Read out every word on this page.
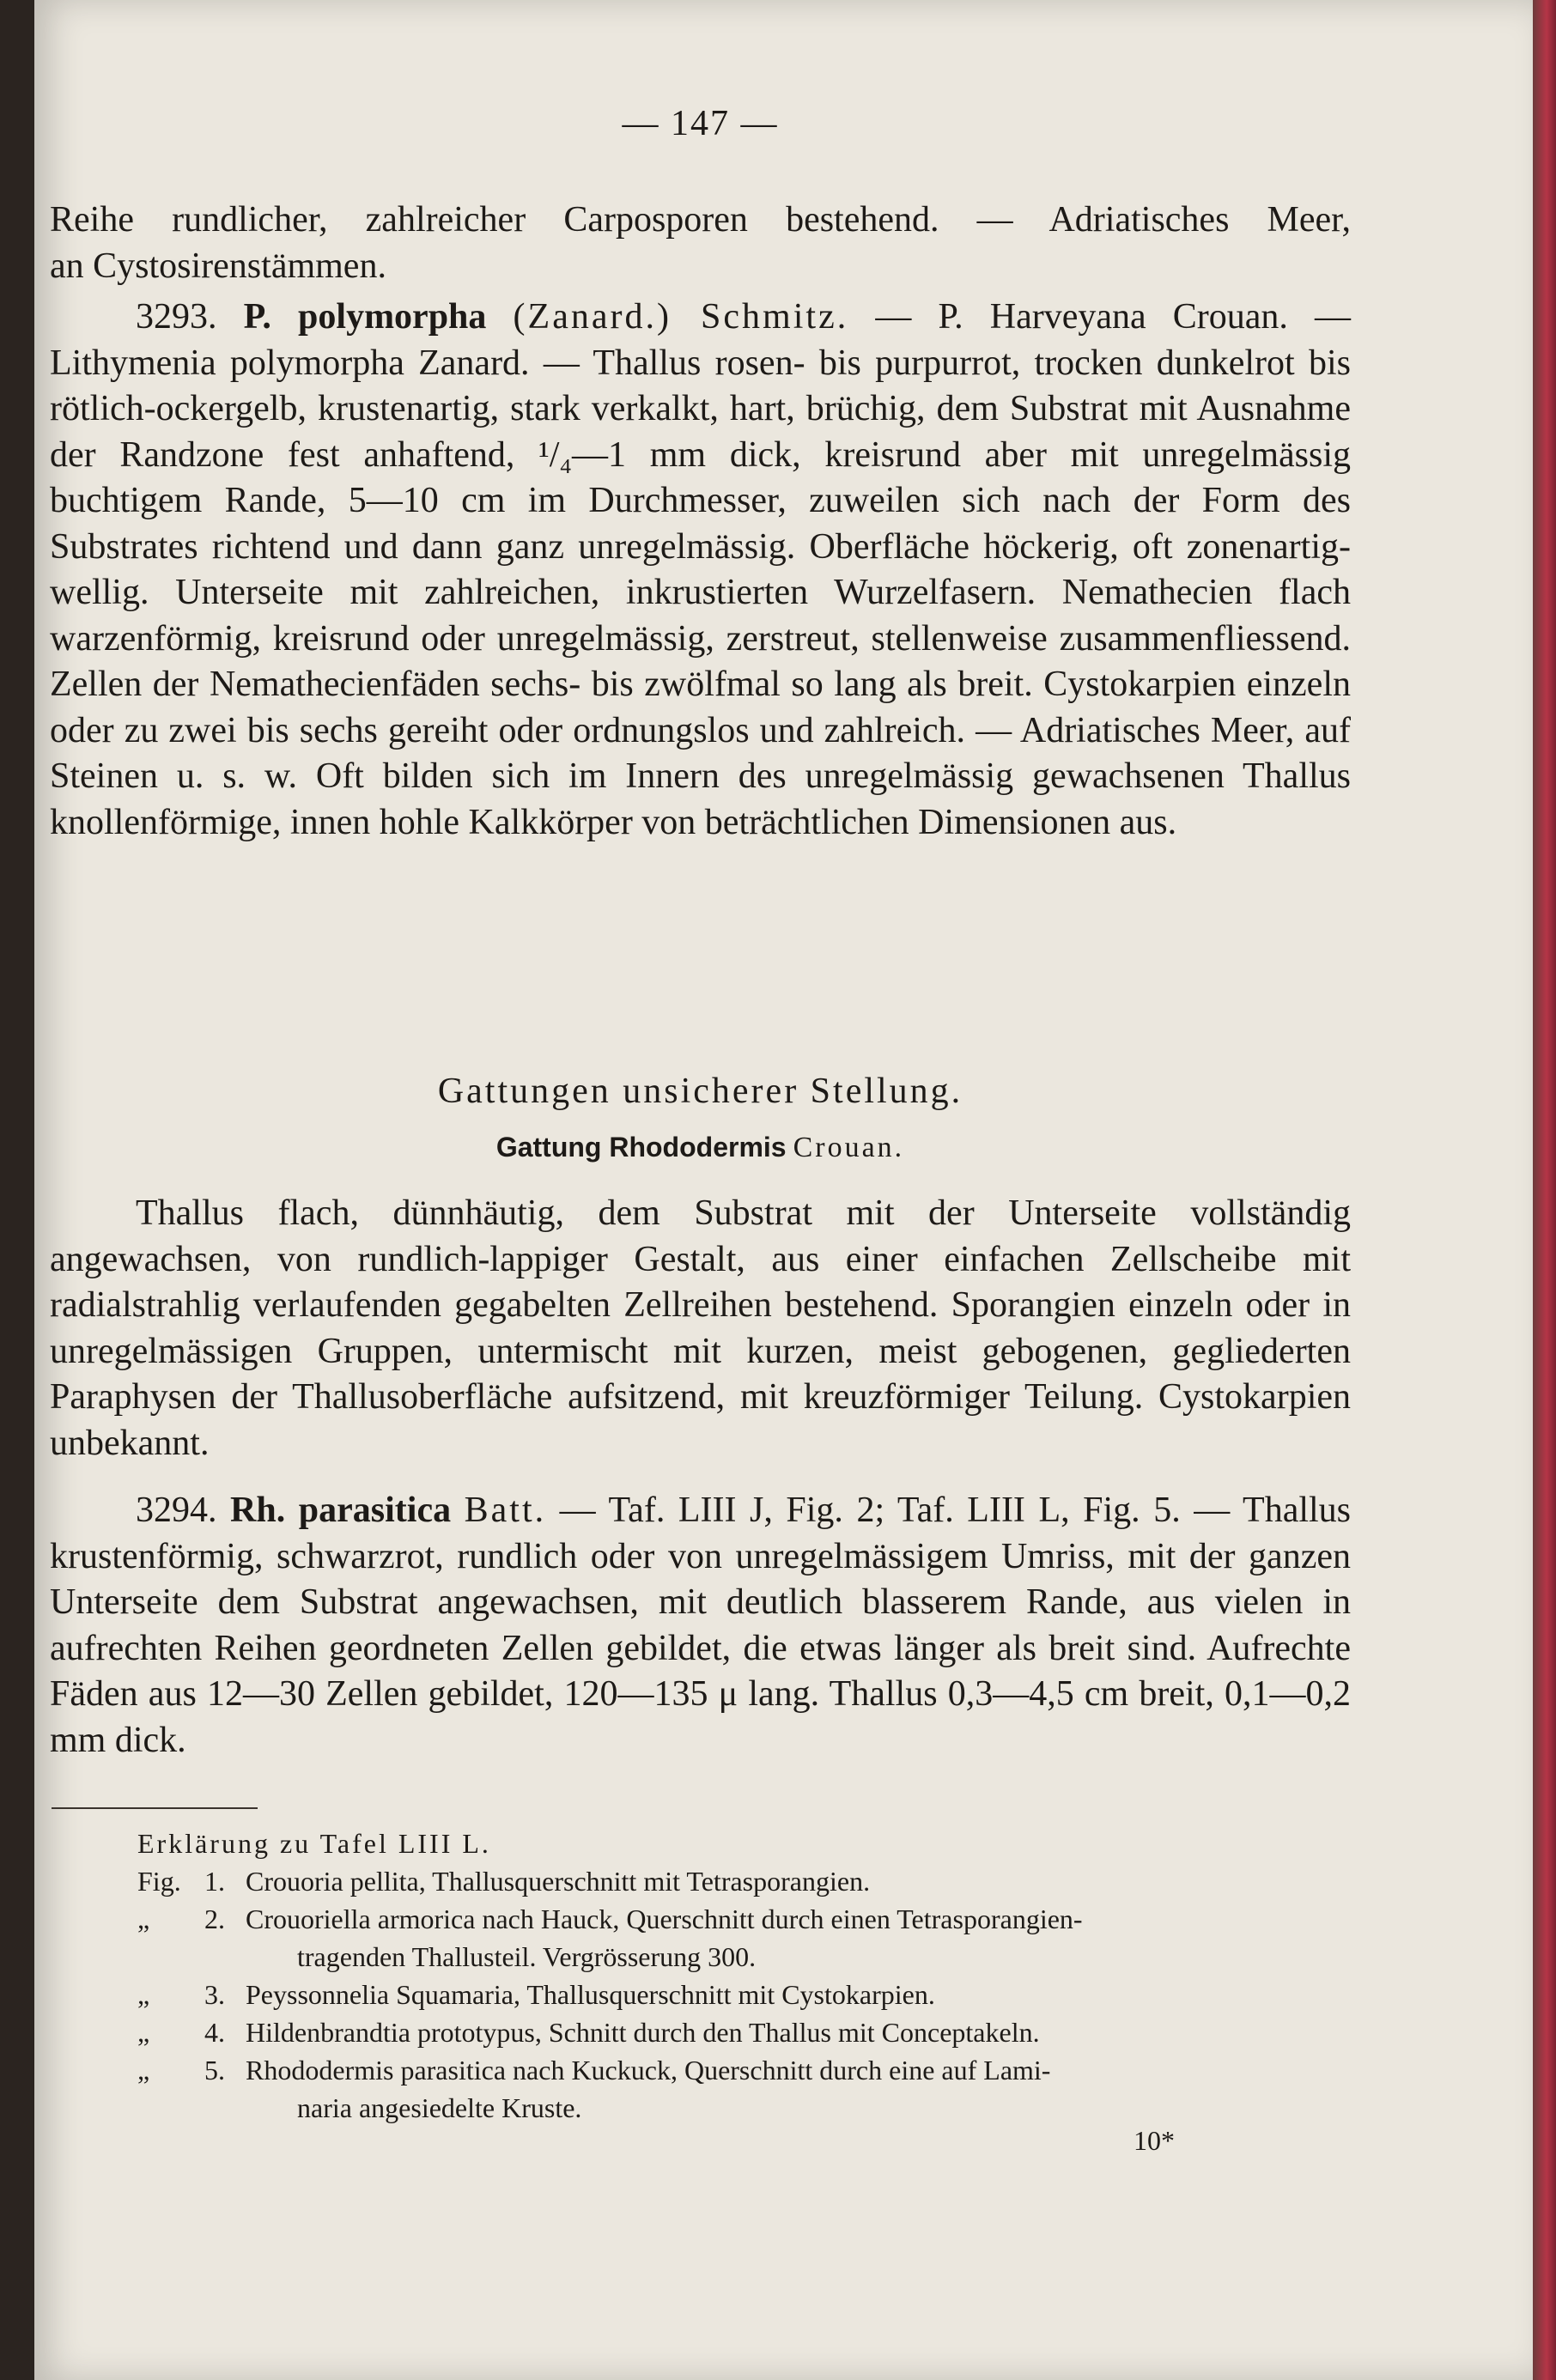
— 147 —

Reihe rundlicher, zahlreicher Carposporen bestehend. — Adriatisches Meer,

an Cystosirenstämmen.

3293. P. polymorpha (Zanard.) Schmitz. — P. Harveyana Crouan. — Lithymenia polymorpha Zanard. — Thallus rosen- bis purpurrot, trocken dunkelrot bis rötlich-ockergelb, krustenartig, stark verkalkt, hart, brüchig, dem Substrat mit Ausnahme der Randzone fest anhaftend, ¹/₄—1 mm dick, kreisrund aber mit unregelmässig buchtigem Rande, 5—10 cm im Durchmesser, zuweilen sich nach der Form des Substrates richtend und dann ganz unregelmässig. Oberfläche höckerig, oft zonenartig-wellig. Unterseite mit zahlreichen, inkrustierten Wurzelfasern. Nemathecien flach warzenförmig, kreisrund oder unregelmässig, zerstreut, stellenweise zusammenfliessend. Zellen der Nemathecienfäden sechs- bis zwölfmal so lang als breit. Cystokarpien einzeln oder zu zwei bis sechs gereiht oder ordnungslos und zahlreich. — Adriatisches Meer, auf Steinen u. s. w. Oft bilden sich im Innern des unregelmässig gewachsenen Thallus knollenförmige, innen hohle Kalkkörper von beträchtlichen Dimensionen aus.

Gattungen unsicherer Stellung.
Gattung Rhododermis Crouan.

Thallus flach, dünnhäutig, dem Substrat mit der Unterseite vollständig angewachsen, von rundlich-lappiger Gestalt, aus einer einfachen Zellscheibe mit radialstrahlig verlaufenden gegabelten Zellreihen bestehend. Sporangien einzeln oder in unregelmässigen Gruppen, untermischt mit kurzen, meist gebogenen, gegliederten Paraphysen der Thallusoberfläche aufsitzend, mit kreuzförmiger Teilung. Cystokarpien unbekannt.

3294. Rh. parasitica Batt. — Taf. LIII J, Fig. 2; Taf. LIII L, Fig. 5. — Thallus krustenförmig, schwarzrot, rundlich oder von unregelmässigem Umriss, mit der ganzen Unterseite dem Substrat angewachsen, mit deutlich blasserem Rande, aus vielen in aufrechten Reihen geordneten Zellen gebildet, die etwas länger als breit sind. Aufrechte Fäden aus 12—30 Zellen gebildet, 120—135 μ lang. Thallus 0,3—4,5 cm breit, 0,1—0,2 mm dick.

Erklärung zu Tafel LIII L.
Fig. 1. Crouoria pellita, Thallusquerschnitt mit Tetrasporangien.
„	2. Crouoriella armorica nach Hauck, Querschnitt durch einen Tetrasporangien-
tragenden Thallusteil. Vergrösserung 300.
„	3. Peyssonnelia Squamaria, Thallusquerschnitt mit Cystokarpien.
„	4. Hildenbrandtia prototypus, Schnitt durch den Thallus mit Conceptakeln.
„	5. Rhododermis parasitica nach Kuckuck, Querschnitt durch eine auf Lami-
naria angesiedelte Kruste.
10*
